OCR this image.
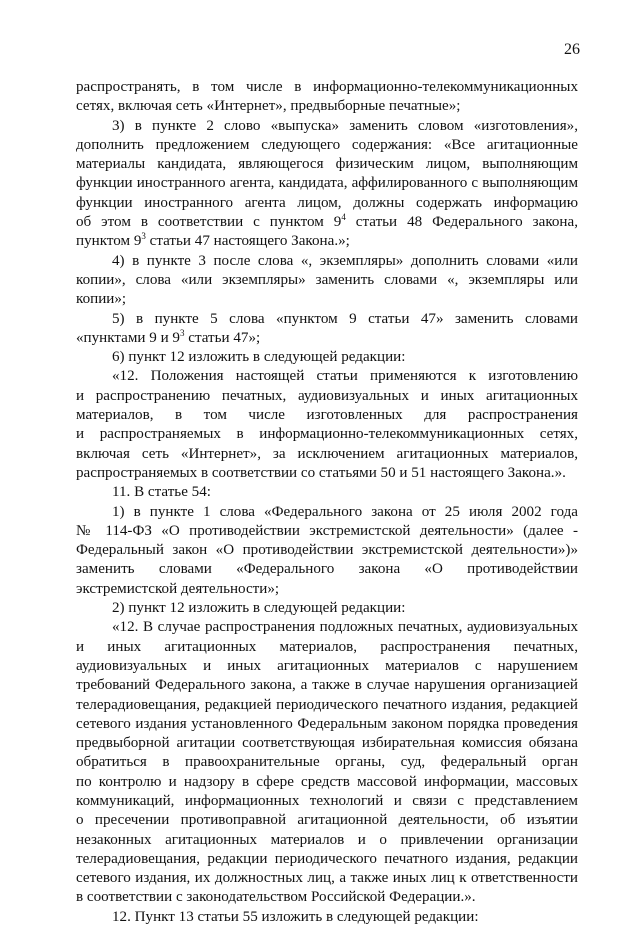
26
распространять, в том числе в информационно-телекоммуникационных
сетях, включая сеть «Интернет», предвыборные печатные»;
3) в пункте 2 слово «выпуска» заменить словом «изготовления»,
дополнить предложением следующего содержания: «Все агитационные
материалы кандидата, являющегося физическим лицом, выполняющим
функции иностранного агента, кандидата, аффилированного с выполняющим
функции иностранного агента лицом, должны содержать информацию
об этом в соответствии с пунктом $9^4$ статьи 48 Федерального закона,
пунктом $9^3$ статьи 47 настоящего Закона.»;
4) в пункте 3 после слова «, экземпляры» дополнить словами «или
копии», слова «или экземпляры» заменить словами «, экземпляры или
копии»;
5) в пункте 5 слова «пунктом 9 статьи 47» заменить словами
«пунктами 9 и $9^3$ статьи 47»;
6) пункт 12 изложить в следующей редакции:
«12. Положения настоящей статьи применяются к изготовлению
и распространению печатных, аудиовизуальных и иных агитационных
материалов, в том числе изготовленных для распространения
и распространяемых в информационно-телекоммуникационных сетях,
включая сеть «Интернет», за исключением агитационных материалов,
распространяемых в соответствии со статьями 50 и 51 настоящего Закона.».
11. В статье 54:
1) в пункте 1 слова «Федерального закона от 25 июля 2002 года
№ 114-ФЗ «О противодействии экстремистской деятельности» (далее -
Федеральный закон «О противодействии экстремистской деятельности»)»
заменить словами «Федерального закона «О противодействии
экстремистской деятельности»;
2) пункт 12 изложить в следующей редакции:
«12. В случае распространения подложных печатных, аудиовизуальных
и иных агитационных материалов, распространения печатных,
аудиовизуальных и иных агитационных материалов с нарушением
требований Федерального закона, а также в случае нарушения организацией
телерадиовещания, редакцией периодического печатного издания, редакцией
сетевого издания установленного Федеральным законом порядка проведения
предвыборной агитации соответствующая избирательная комиссия обязана
обратиться в правоохранительные органы, суд, федеральный орган
по контролю и надзору в сфере средств массовой информации, массовых
коммуникаций, информационных технологий и связи с представлением
о пресечении противоправной агитационной деятельности, об изъятии
незаконных агитационных материалов и о привлечении организации
телерадиовещания, редакции периодического печатного издания, редакции
сетевого издания, их должностных лиц, а также иных лиц к ответственности
в соответствии с законодательством Российской Федерации.».
12. Пункт 13 статьи 55 изложить в следующей редакции:
